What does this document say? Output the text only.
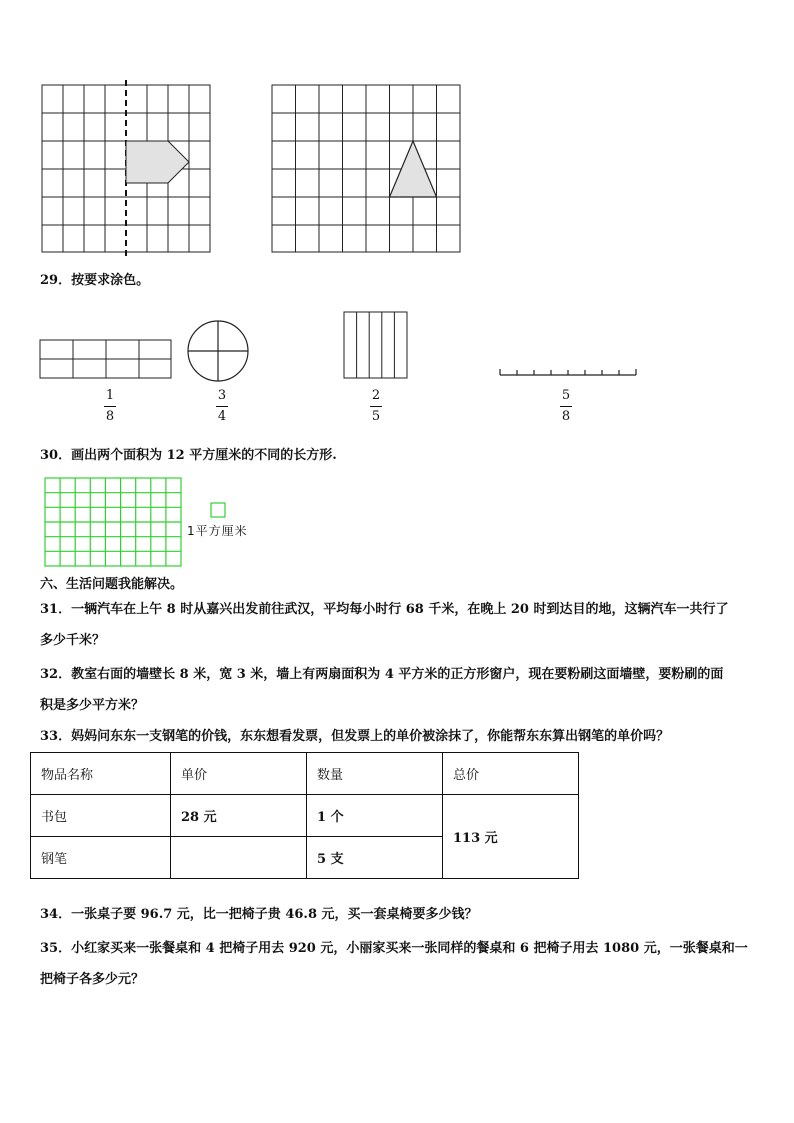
29．按要求涂色。
1
8
3
4
2
5
5
8
30．画出两个面积为 12 平方厘米的不同的长方形.
1平方厘米
六、生活问题我能解决。
31．一辆汽车在上午 8 时从嘉兴出发前往武汉，平均每小时行 68 千米，在晚上 20 时到达目的地，这辆汽车一共行了
多少千米？
32．教室右面的墙壁长 8 米，宽 3 米，墙上有两扇面积为 4 平方米的正方形窗户，现在要粉刷这面墙壁，要粉刷的面
积是多少平方米？
33．妈妈问东东一支钢笔的价钱，东东想看发票，但发票上的单价被涂抹了，你能帮东东算出钢笔的单价吗？
物品名称	单价	数量	总价
书包	28 元	1 个	113 元
钢笔		5 支	
34．一张桌子要 96.7 元，比一把椅子贵 46.8 元，买一套桌椅要多少钱？
35．小红家买来一张餐桌和 4 把椅子用去 920 元，小丽家买来一张同样的餐桌和 6 把椅子用去 1080 元，一张餐桌和一
把椅子各多少元？
